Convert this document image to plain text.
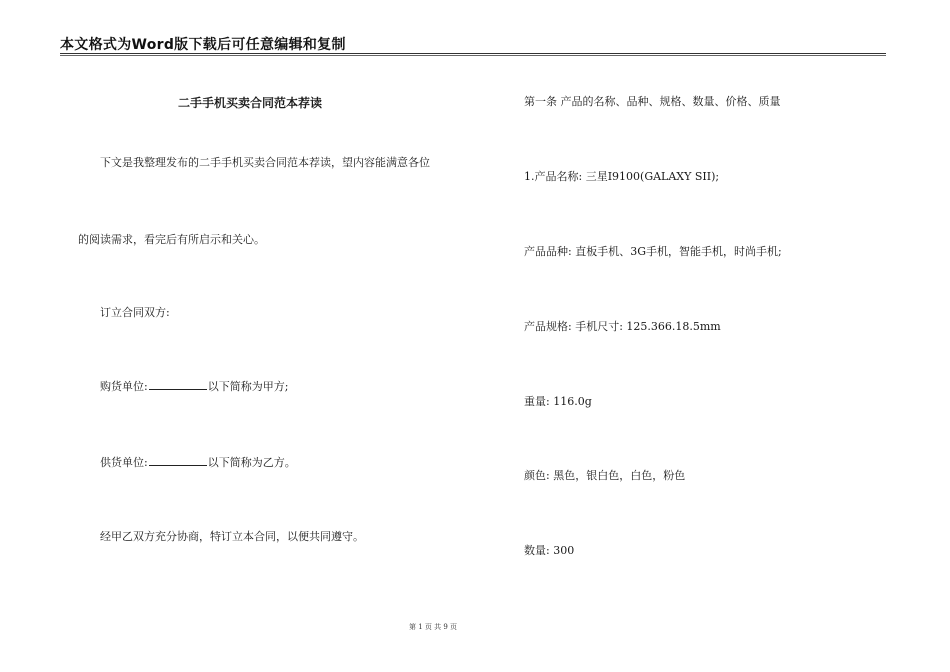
本文格式为Word版下载后可任意编辑和复制
二手手机买卖合同范本荐读
下文是我整理发布的二手手机买卖合同范本荐读，望内容能满意各位
的阅读需求，看完后有所启示和关心。
订立合同双方:
购货单位:	以下简称为甲方;
供货单位:	以下简称为乙方。
经甲乙双方充分协商，特订立本合同，以便共同遵守。
第一条 产品的名称、品种、规格、数量、价格、质量
1.产品名称: 三星I9100(GALAXY SII);
产品品种: 直板手机、3G手机，智能手机，时尚手机;
产品规格: 手机尺寸: 125.366.18.5mm
重量: 116.0g
颜色: 黑色，银白色，白色，粉色
数量: 300
第 1 页 共 9 页
